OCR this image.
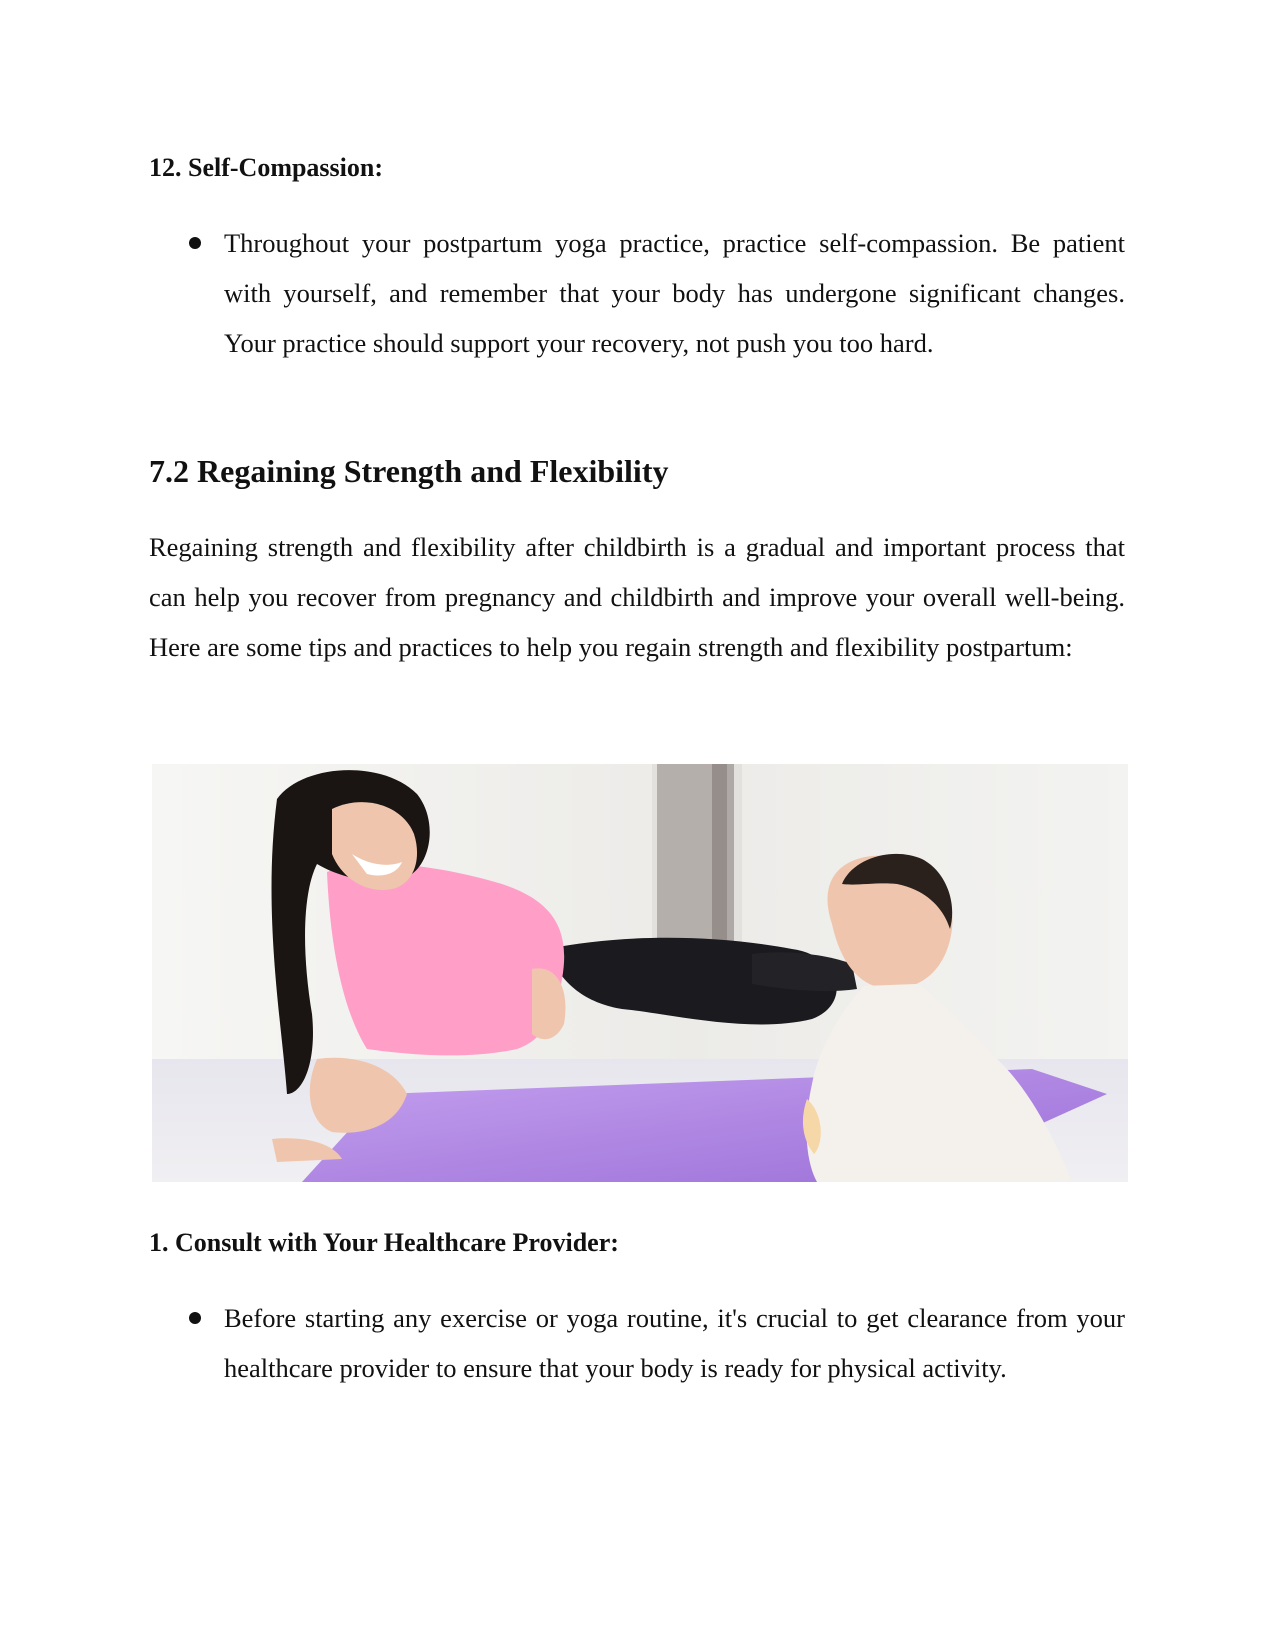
12. Self-Compassion:
Throughout your postpartum yoga practice, practice self-compassion. Be patient with yourself, and remember that your body has undergone significant changes. Your practice should support your recovery, not push you too hard.
7.2 Regaining Strength and Flexibility

Regaining strength and flexibility after childbirth is a gradual and important process that can help you recover from pregnancy and childbirth and improve your overall well-being. Here are some tips and practices to help you regain strength and flexibility postpartum:

1. Consult with Your Healthcare Provider:
Before starting any exercise or yoga routine, it's crucial to get clearance from your healthcare provider to ensure that your body is ready for physical activity.
